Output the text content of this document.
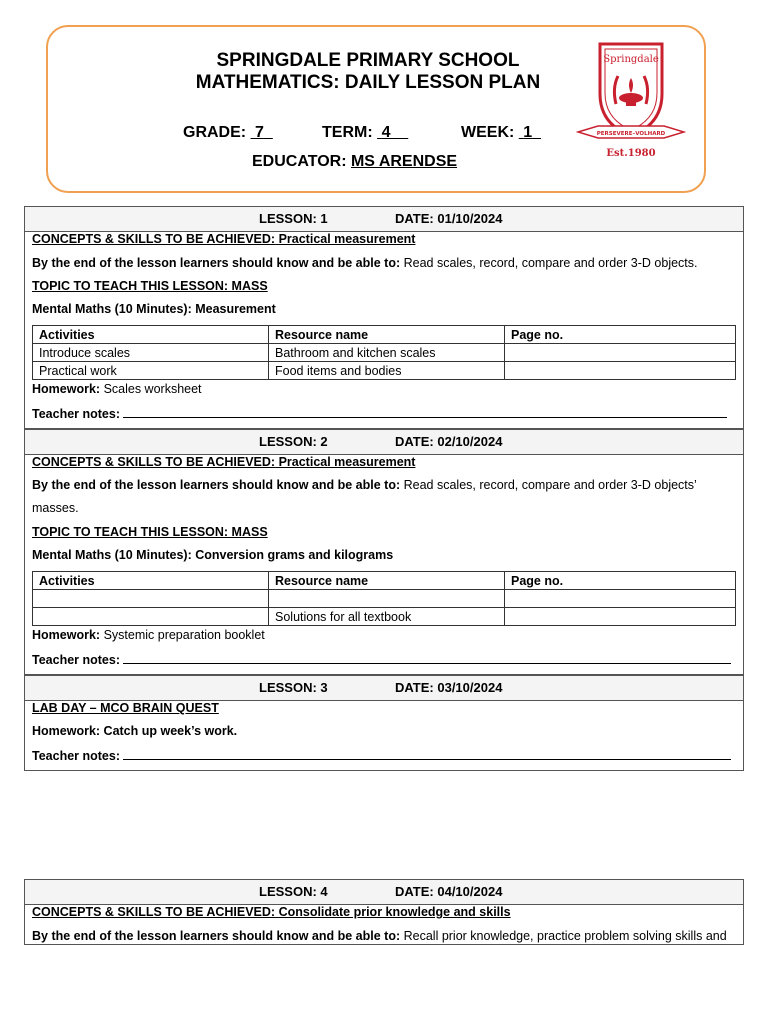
SPRINGDALE PRIMARY SCHOOL
MATHEMATICS: DAILY LESSON PLAN
GRADE: 7	TERM: 4	WEEK: 1
EDUCATOR: MS ARENDSE
Springdale
PERSEVERE–VOLHARD
Est.1980
LESSON: 1	DATE: 01/10/2024
CONCEPTS & SKILLS TO BE ACHIEVED: Practical measurement
By the end of the lesson learners should know and be able to: Read scales, record, compare and order 3-D objects.
TOPIC TO TEACH THIS LESSON: MASS
Mental Maths (10 Minutes): Measurement
Activities	Resource name	Page no.
Introduce scales	Bathroom and kitchen scales	
Practical work	Food items and bodies	
Homework: Scales worksheet
Teacher notes:
LESSON: 2	DATE: 02/10/2024
CONCEPTS & SKILLS TO BE ACHIEVED: Practical measurement
By the end of the lesson learners should know and be able to: Read scales, record, compare and order 3-D objects’
masses.
TOPIC TO TEACH THIS LESSON: MASS
Mental Maths (10 Minutes): Conversion grams and kilograms
Activities	Resource name	Page no.

	Solutions for all textbook	
Homework: Systemic preparation booklet
Teacher notes:
LESSON: 3	DATE: 03/10/2024
LAB DAY – MCO BRAIN QUEST
Homework: Catch up week’s work.
Teacher notes:
LESSON: 4	DATE: 04/10/2024
CONCEPTS & SKILLS TO BE ACHIEVED: Consolidate prior knowledge and skills
By the end of the lesson learners should know and be able to: Recall prior knowledge, practice problem solving skills and
